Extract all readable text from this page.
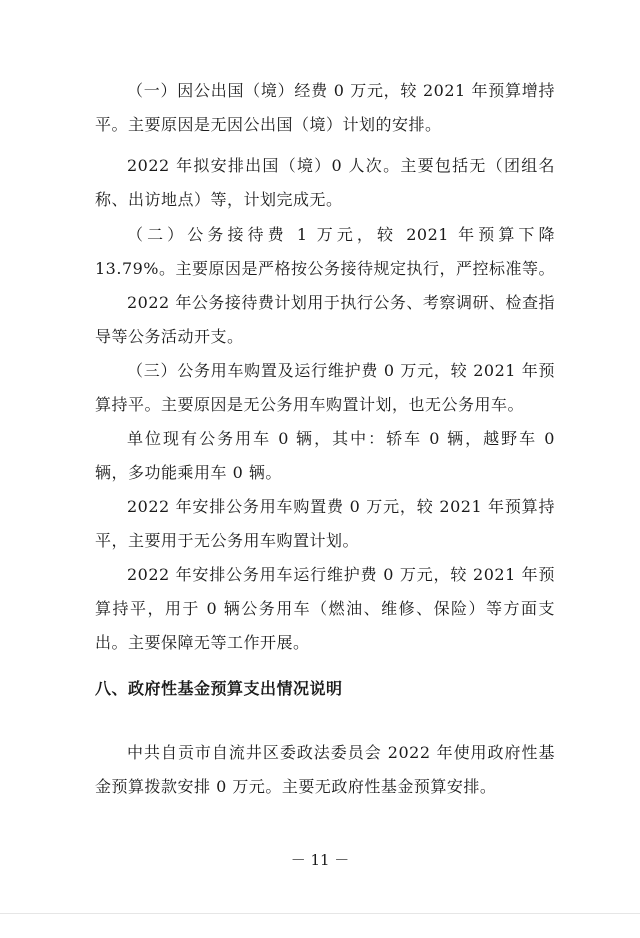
（一）因公出国（境）经费 0 万元，较 2021 年预算增持平。主要原因是无因公出国（境）计划的安排。

2022 年拟安排出国（境）0 人次。主要包括无（团组名称、出访地点）等，计划完成无。

（二）公务接待费 1 万元，较 2021 年预算下降 13.79%。主要原因是严格按公务接待规定执行，严控标准等。

2022 年公务接待费计划用于执行公务、考察调研、检查指导等公务活动开支。

（三）公务用车购置及运行维护费 0 万元，较 2021 年预算持平。主要原因是无公务用车购置计划，也无公务用车。

单位现有公务用车 0 辆，其中：轿车 0 辆，越野车 0 辆，多功能乘用车 0 辆。

2022 年安排公务用车购置费 0 万元，较 2021 年预算持平，主要用于无公务用车购置计划。

2022 年安排公务用车运行维护费 0 万元，较 2021 年预算持平，用于 0 辆公务用车（燃油、维修、保险）等方面支出。主要保障无等工作开展。

八、政府性基金预算支出情况说明

中共自贡市自流井区委政法委员会 2022 年使用政府性基金预算拨款安排 0 万元。主要无政府性基金预算安排。

－ 11 －
